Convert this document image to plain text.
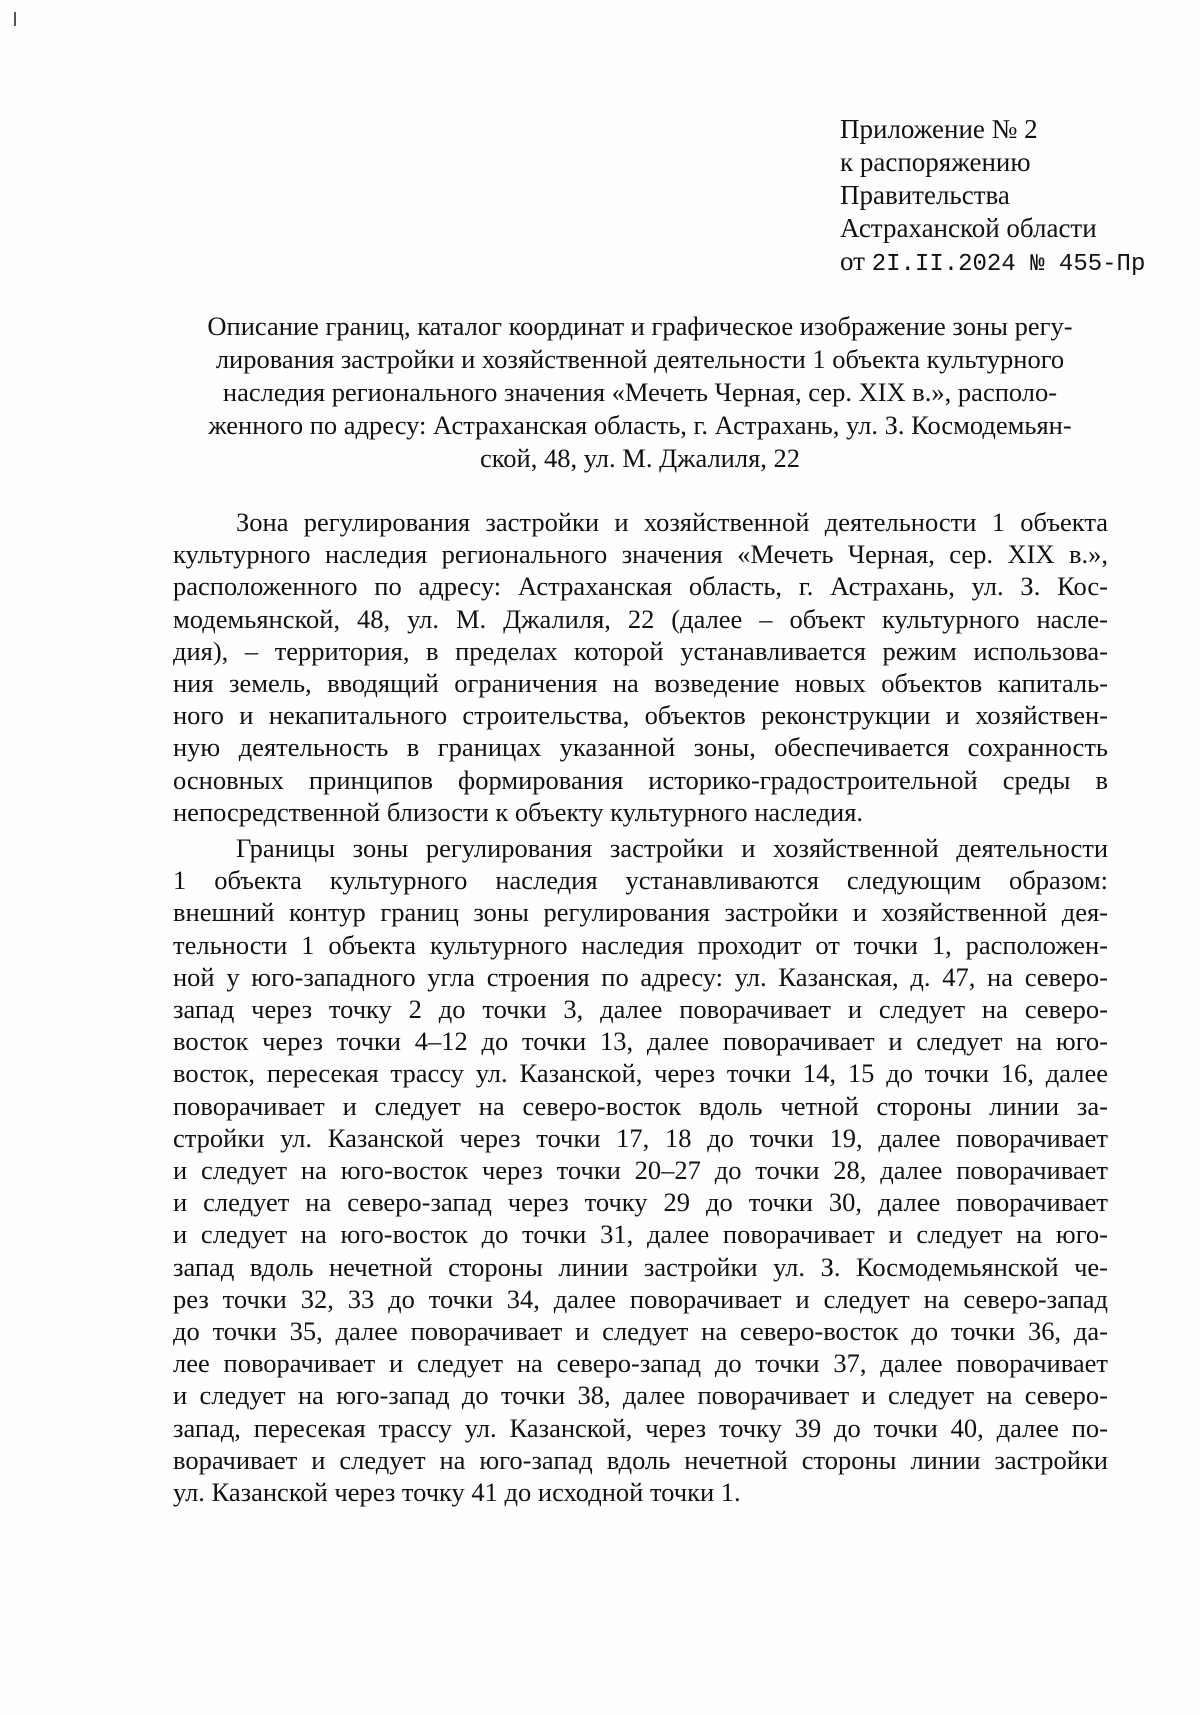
Приложение № 2
к распоряжению
Правительства
Астраханской области
от 2I.II.2024 № 455-Пр
Описание границ, каталог координат и графическое изображение зоны регу-
лирования застройки и хозяйственной деятельности 1 объекта культурного
наследия регионального значения «Мечеть Черная, сер. XIX в.», располо-
женного по адресу: Астраханская область, г. Астрахань, ул. З. Космодемьян-
ской, 48, ул. М. Джалиля, 22
Зона регулирования застройки и хозяйственной деятельности 1 объекта
культурного наследия регионального значения «Мечеть Черная, сер. XIX в.»,
расположенного по адресу: Астраханская область, г. Астрахань, ул. З. Кос-
модемьянской, 48, ул. М. Джалиля, 22 (далее – объект культурного насле-
дия), – территория, в пределах которой устанавливается режим использова-
ния земель, вводящий ограничения на возведение новых объектов капиталь-
ного и некапитального строительства, объектов реконструкции и хозяйствен-
ную деятельность в границах указанной зоны, обеспечивается сохранность
основных принципов формирования историко-градостроительной среды в
непосредственной близости к объекту культурного наследия.
Границы зоны регулирования застройки и хозяйственной деятельности
1 объекта культурного наследия устанавливаются следующим образом:
внешний контур границ зоны регулирования застройки и хозяйственной дея-
тельности 1 объекта культурного наследия проходит от точки 1, расположен-
ной у юго-западного угла строения по адресу: ул. Казанская, д. 47, на северо-
запад через точку 2 до точки 3, далее поворачивает и следует на северо-
восток через точки 4–12 до точки 13, далее поворачивает и следует на юго-
восток, пересекая трассу ул. Казанской, через точки 14, 15 до точки 16, далее
поворачивает и следует на северо-восток вдоль четной стороны линии за-
стройки ул. Казанской через точки 17, 18 до точки 19, далее поворачивает
и следует на юго-восток через точки 20–27 до точки 28, далее поворачивает
и следует на северо-запад через точку 29 до точки 30, далее поворачивает
и следует на юго-восток до точки 31, далее поворачивает и следует на юго-
запад вдоль нечетной стороны линии застройки ул. З. Космодемьянской че-
рез точки 32, 33 до точки 34, далее поворачивает и следует на северо-запад
до точки 35, далее поворачивает и следует на северо-восток до точки 36, да-
лее поворачивает и следует на северо-запад до точки 37, далее поворачивает
и следует на юго-запад до точки 38, далее поворачивает и следует на северо-
запад, пересекая трассу ул. Казанской, через точку 39 до точки 40, далее по-
ворачивает и следует на юго-запад вдоль нечетной стороны линии застройки
ул. Казанской через точку 41 до исходной точки 1.
